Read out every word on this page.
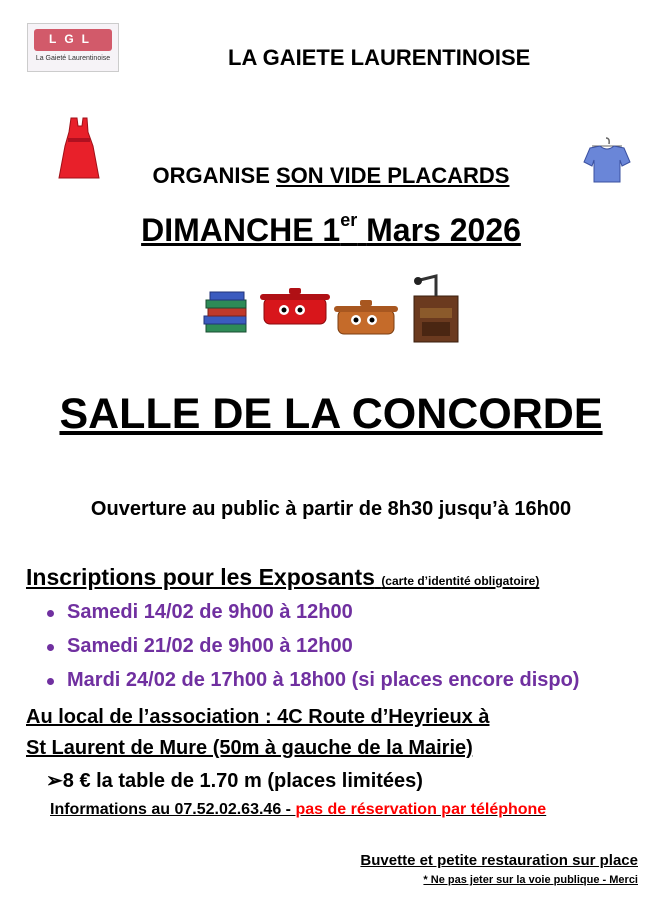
LGL
La Gaieté Laurentinoise	LA GAIETE LAURENTINOISE
ORGANISE SON VIDE PLACARDS
DIMANCHE 1er Mars 2026
SALLE DE LA CONCORDE
Ouverture au public à partir de 8h30 jusqu’à 16h00
Inscriptions pour les Exposants (carte d’identité obligatoire)
Samedi 14/02 de 9h00 à 12h00
Samedi 21/02 de 9h00 à 12h00
Mardi 24/02 de 17h00 à 18h00 (si places encore dispo)
Au local de l’association : 4C Route d’Heyrieux à
St Laurent de Mure (50m à gauche de la Mairie)
➢8 € la table de 1.70 m (places limitées)
Informations au 07.52.02.63.46 - pas de réservation par téléphone
Buvette et petite restauration sur place
* Ne pas jeter sur la voie publique - Merci
